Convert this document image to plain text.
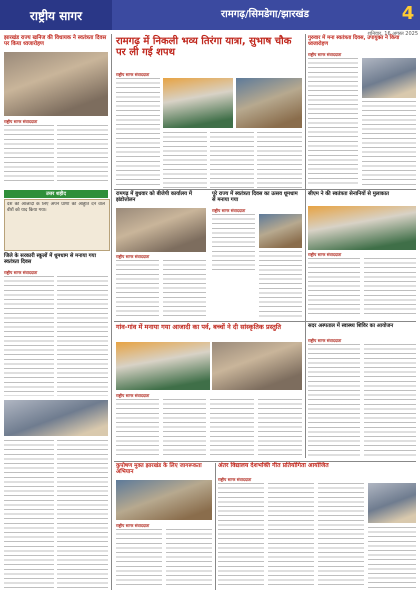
राष्ट्रीय सागर	रामगढ़/सिमडेगा/झारखंड	4
शनिवार, 16 अगस्त 2025
झारखंड राज्य खनिज की विधायक ने स्वतंत्रता दिवस पर किया ध्वजारोहण
राष्ट्रीय सागर संवाददाता
रामगढ़ में निकली भव्य तिरंगा यात्रा, सुभाष चौक पर ली गई शपथ
राष्ट्रीय सागर संवाददाता
गुरुवार में मना स्वतंत्रता दिवस, उपायुक्त ने किया ध्वजारोहण
राष्ट्रीय सागर संवाददाता
उत्तर शहीद
देश की आजादी के लिए अपने प्राणों की आहुति देने वाले वीरों को याद किया गया।
रामगढ़ में बुधवार को बीजेपी कार्यालय में झंडोत्तोलन
राष्ट्रीय सागर संवाददाता
पूरे राज्य में स्वतंत्रता दिवस का उत्सव धूमधाम से मनाया गया
राष्ट्रीय सागर संवाददाता
सीएम ने की स्वतंत्रता सेनानियों से मुलाकात
राष्ट्रीय सागर संवाददाता
जिले के सरकारी स्कूलों में धूमधाम से मनाया गया स्वतंत्रता दिवस
राष्ट्रीय सागर संवाददाता
गांव-गांव में मनाया गया आजादी का पर्व, बच्चों ने दी सांस्कृतिक प्रस्तुति
राष्ट्रीय सागर संवाददाता
सदर अस्पताल में स्वास्थ्य शिविर का आयोजन
राष्ट्रीय सागर संवाददाता
कुपोषण मुक्त झारखंड के लिए जागरूकता अभियान
राष्ट्रीय सागर संवाददाता
अंतर विद्यालय देशभक्ति गीत प्रतियोगिता आयोजित
राष्ट्रीय सागर संवाददाता
